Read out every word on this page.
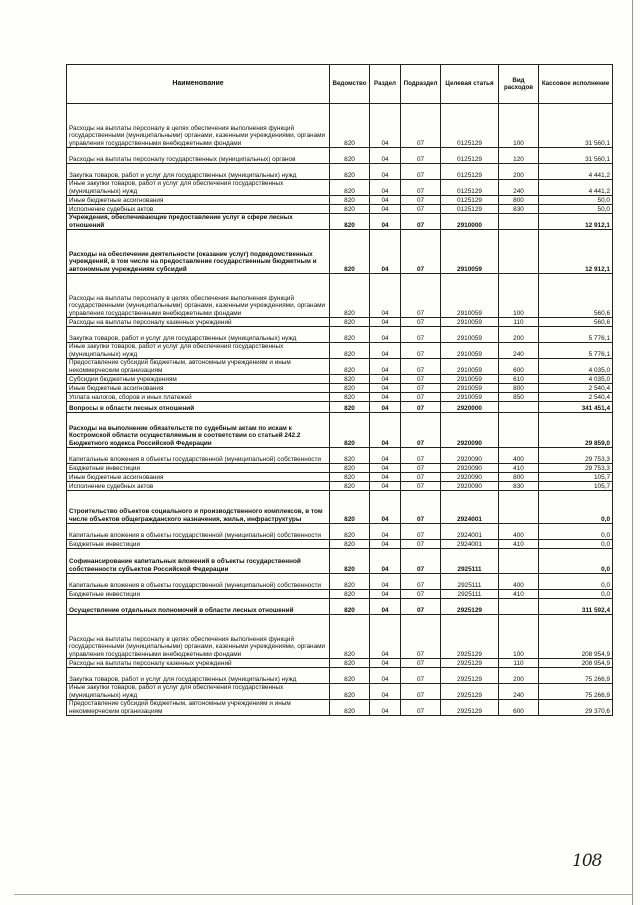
Наименование	Ведомство	Раздел	Подраздел	Целевая статья	Вид расходов	Кассовое исполнение
Расходы на выплаты персоналу в целях обеспечения выполнения функций государственными (муниципальными) органами, казенными учреждениями, органами управления государственными внебюджетными фондами	820	04	07	0125129	100	31 560,1
Расходы на выплаты персоналу государственных (муниципальных) органов	820	04	07	0125129	120	31 560,1
Закупка товаров, работ и услуг для государственных (муниципальных) нужд	820	04	07	0125129	200	4 441,2
Иные закупки товаров, работ и услуг для обеспечения государственных (муниципальных) нужд	820	04	07	0125129	240	4 441,2
Иные бюджетные ассигнования	820	04	07	0125129	800	50,0
Исполнение судебных актов	820	04	07	0125129	830	50,0
Учреждения, обеспечивающие предоставление услуг в сфере лесных отношений	820	04	07	2910000		12 912,1
Расходы на обеспечение деятельности (оказание услуг) подведомственных учреждений, в том числе на предоставление государственным бюджетным и автономным учреждениям субсидий	820	04	07	2910059		12 912,1
Расходы на выплаты персоналу в целях обеспечения выполнения функций государственными (муниципальными) органами, казенными учреждениями, органами управления государственными внебюджетными фондами	820	04	07	2910059	100	560,6
Расходы на выплаты персоналу казенных учреждений	820	04	07	2910059	110	560,6
Закупка товаров, работ и услуг для государственных (муниципальных) нужд	820	04	07	2910059	200	5 776,1
Иные закупки товаров, работ и услуг для обеспечения государственных (муниципальных) нужд	820	04	07	2910059	240	5 776,1
Предоставление субсидий бюджетным, автономным учреждениям и иным некоммерческим организациям	820	04	07	2910059	600	4 035,0
Субсидии бюджетным учреждениям	820	04	07	2910059	610	4 035,0
Иные бюджетные ассигнования	820	04	07	2910059	800	2 540,4
Уплата налогов, сборов и иных платежей	820	04	07	2910059	850	2 540,4
Вопросы в области лесных отношений	820	04	07	2920000		341 451,4
Расходы на выполнение обязательств по судебным актам по искам к Костромской области осуществляемым в соответствии со статьей 242.2 Бюджетного кодекса Российской Федерации	820	04	07	2920090		29 859,0
Капитальные вложения в объекты государственной (муниципальной) собственности	820	04	07	2920090	400	29 753,3
Бюджетные инвестиции	820	04	07	2920090	410	29 753,3
Иные бюджетные ассигнования	820	04	07	2920090	800	105,7
Исполнение судебных актов	820	04	07	2920090	830	105,7
Строительство объектов социального и производственного комплексов, в том числе объектов общегражданского назначения, жилья, инфраструктуры	820	04	07	2924001		0,0
Капитальные вложения в объекты государственной (муниципальной) собственности	820	04	07	2924001	400	0,0
Бюджетные инвестиции	820	04	07	2924001	410	0,0
Софинансирование капитальных вложений в объекты государственной собственности субъектов Российской Федерации	820	04	07	2925111		0,0
Капитальные вложения в объекты государственной (муниципальной) собственности	820	04	07	2925111	400	0,0
Бюджетные инвестиции	820	04	07	2925111	410	0,0
Осуществление отдельных полномочий в области лесных отношений	820	04	07	2925129		311 592,4
Расходы на выплаты персоналу в целях обеспечения выполнения функций государственными (муниципальными) органами, казенными учреждениями, органами управления государственными внебюджетными фондами	820	04	07	2925129	100	208 954,9
Расходы на выплаты персоналу казенных учреждений	820	04	07	2925129	110	208 954,9
Закупка товаров, работ и услуг для государственных (муниципальных) нужд	820	04	07	2925129	200	75 266,9
Иные закупки товаров, работ и услуг для обеспечения государственных (муниципальных) нужд	820	04	07	2925129	240	75 266,9
Предоставление субсидий бюджетным, автономным учреждениям и иным некоммерческим организациям	820	04	07	2925129	600	29 370,6
108
